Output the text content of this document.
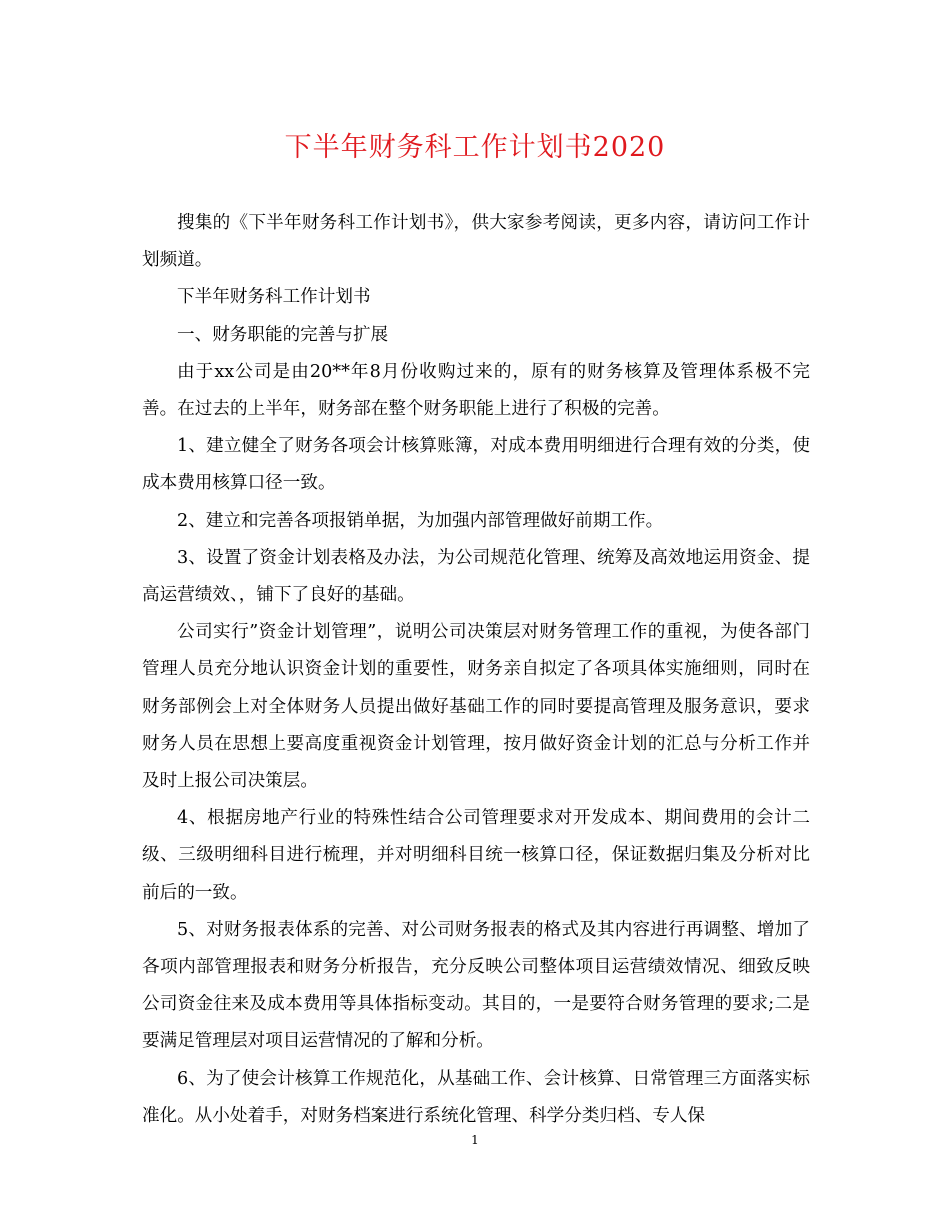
下半年财务科工作计划书2020

搜集的《下半年财务科工作计划书》，供大家参考阅读，更多内容，请访问工作计划频道。

下半年财务科工作计划书

一、财务职能的完善与扩展

由于xx公司是由20**年8月份收购过来的，原有的财务核算及管理体系极不完善。在过去的上半年，财务部在整个财务职能上进行了积极的完善。

1、建立健全了财务各项会计核算账簿，对成本费用明细进行合理有效的分类，使成本费用核算口径一致。

2、建立和完善各项报销单据，为加强内部管理做好前期工作。

3、设置了资金计划表格及办法，为公司规范化管理、统筹及高效地运用资金、提高运营绩效、，铺下了良好的基础。

公司实行”资金计划管理”，说明公司决策层对财务管理工作的重视，为使各部门管理人员充分地认识资金计划的重要性，财务亲自拟定了各项具体实施细则，同时在财务部例会上对全体财务人员提出做好基础工作的同时要提高管理及服务意识，要求财务人员在思想上要高度重视资金计划管理，按月做好资金计划的汇总与分析工作并及时上报公司决策层。

4、根据房地产行业的特殊性结合公司管理要求对开发成本、期间费用的会计二级、三级明细科目进行梳理，并对明细科目统一核算口径，保证数据归集及分析对比前后的一致。

5、对财务报表体系的完善、对公司财务报表的格式及其内容进行再调整、增加了各项内部管理报表和财务分析报告，充分反映公司整体项目运营绩效情况、细致反映公司资金往来及成本费用等具体指标变动。其目的，一是要符合财务管理的要求;二是要满足管理层对项目运营情况的了解和分析。

6、为了使会计核算工作规范化，从基础工作、会计核算、日常管理三方面落实标准化。从小处着手，对财务档案进行系统化管理、科学分类归档、专人保

1
